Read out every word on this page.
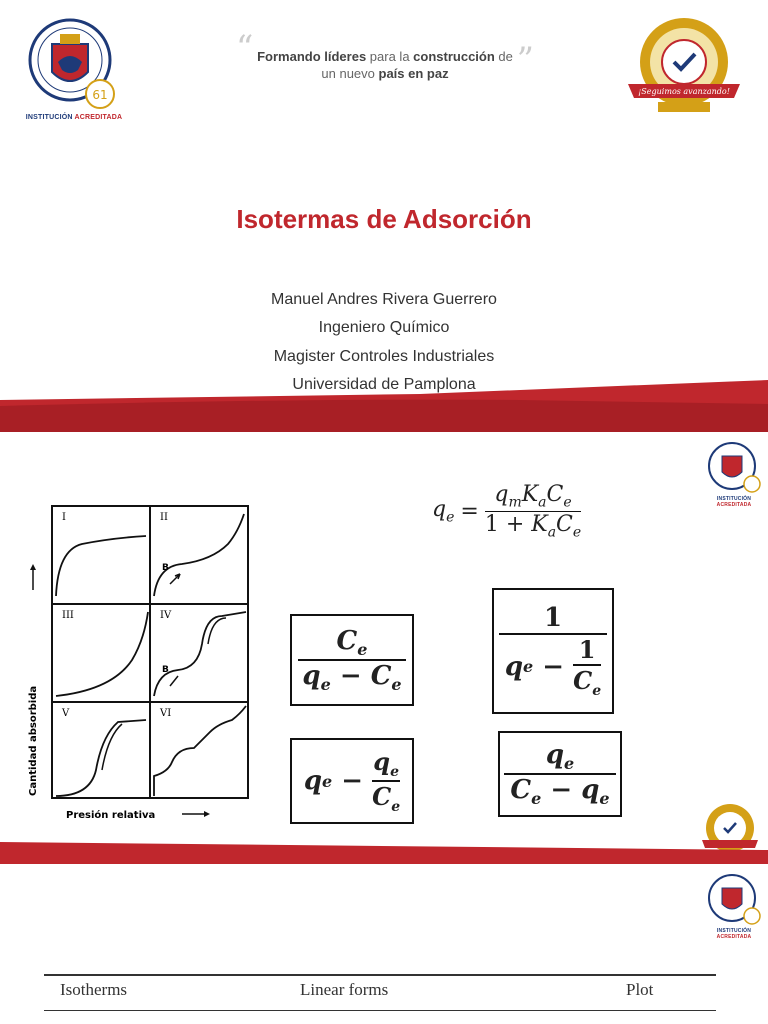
61
INSTITUCIÓN ACREDITADA
“ Formando líderes para la construcción de
un nuevo país en paz	”
¡Seguimos avanzando!
Isotermas de Adsorción
Manuel Andres Rivera Guerrero
Ingeniero Químico
Magister Controles Industriales
Universidad de Pamplona
INSTITUCIÓN ACREDITADA
I	II
III	IV
V	VI
B
B
Cantidad absorbida
Presión relativa
$q_e = \frac{q_mK_aC_e}{1 + K_aC_e}$
$\frac{C_e}{q_e - C_e}$	1
q e
−
$\frac{1}{C_e}$
q e
−
$\frac{q_e}{C_e}$	$\frac{q_e}{C_e - q_e}$
INSTITUCIÓN ACREDITADA
Isotherms	Linear forms	Plot
